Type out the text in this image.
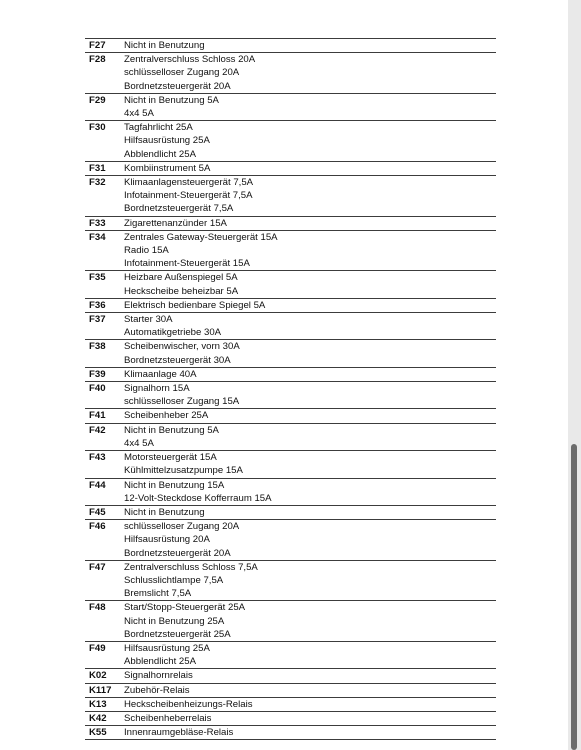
F27	Nicht in Benutzung
F28	Zentralverschluss Schloss 20A
schlüsselloser Zugang 20A
Bordnetzsteuergerät 20A
F29	Nicht in Benutzung 5A
4x4 5A
F30	Tagfahrlicht 25A
Hilfsausrüstung 25A
Abblendlicht 25A
F31	Kombiinstrument 5A
F32	Klimaanlagensteuergerät 7,5A
Infotainment-Steuergerät 7,5A
Bordnetzsteuergerät 7,5A
F33	Zigarettenanzünder 15A
F34	Zentrales Gateway-Steuergerät 15A
Radio 15A
Infotainment-Steuergerät 15A
F35	Heizbare Außenspiegel 5A
Heckscheibe beheizbar 5A
F36	Elektrisch bedienbare Spiegel 5A
F37	Starter 30A
Automatikgetriebe 30A
F38	Scheibenwischer, vorn 30A
Bordnetzsteuergerät 30A
F39	Klimaanlage 40A
F40	Signalhorn 15A
schlüsselloser Zugang 15A
F41	Scheibenheber 25A
F42	Nicht in Benutzung 5A
4x4 5A
F43	Motorsteuergerät 15A
Kühlmittelzusatzpumpe 15A
F44	Nicht in Benutzung 15A
12-Volt-Steckdose Kofferraum 15A
F45	Nicht in Benutzung
F46	schlüsselloser Zugang 20A
Hilfsausrüstung 20A
Bordnetzsteuergerät 20A
F47	Zentralverschluss Schloss 7,5A
Schlusslichtlampe 7,5A
Bremslicht 7,5A
F48	Start/Stopp-Steuergerät 25A
Nicht in Benutzung 25A
Bordnetzsteuergerät 25A
F49	Hilfsausrüstung 25A
Abblendlicht 25A
K02	Signalhornrelais
K117	Zubehör-Relais
K13	Heckscheibenheizungs-Relais
K42	Scheibenheberrelais
K55	Innenraumgebläse-Relais
